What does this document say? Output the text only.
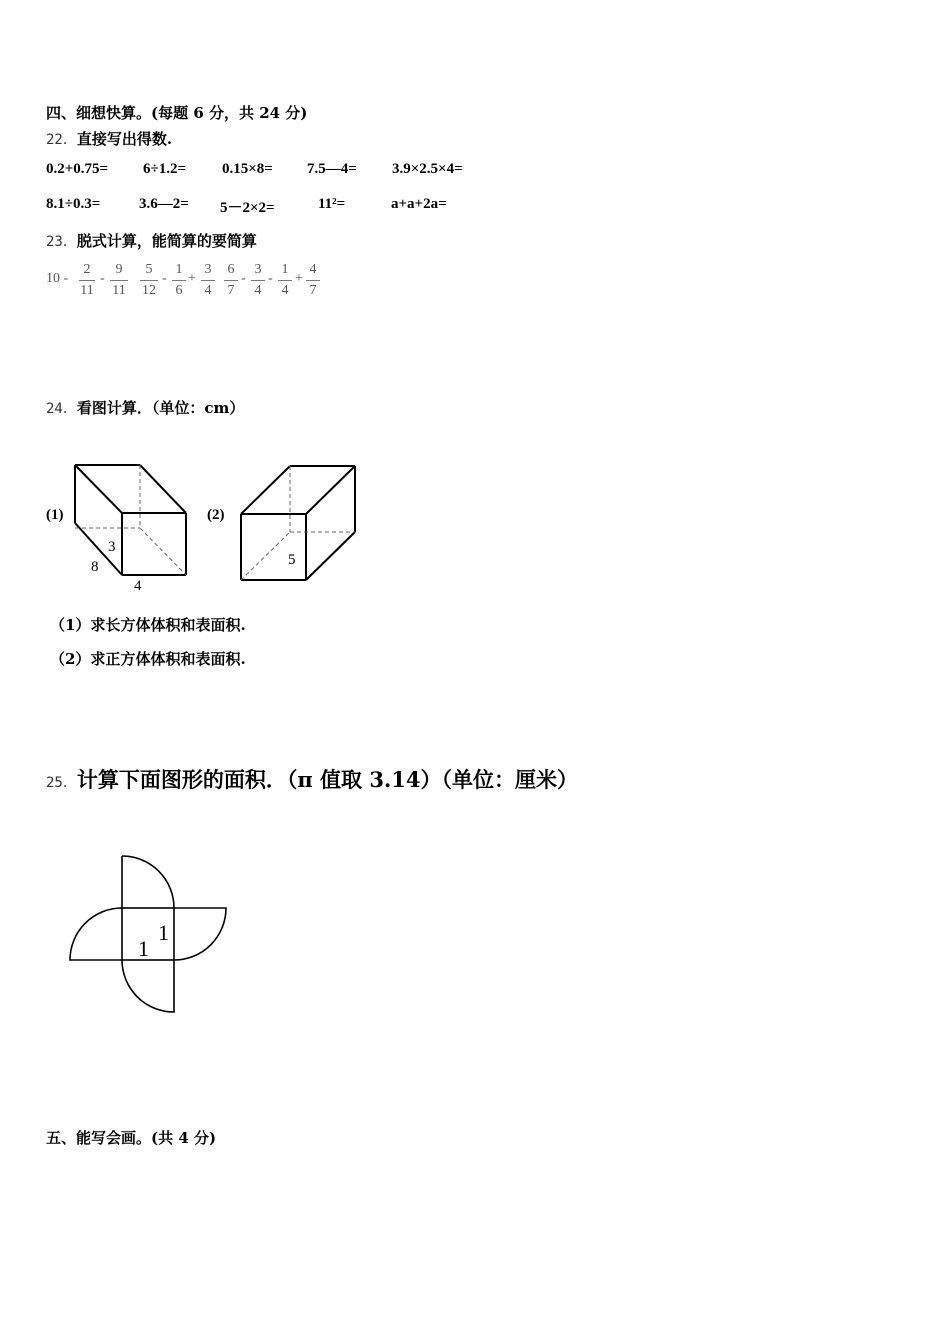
四、细想快算。(每题 6 分，共 24 分)
22．直接写出得数.
0.2+0.75= 6÷1.2= 0.15×8= 7.5—4= 3.9×2.5×4=
8.1÷0.3=	3.6—2= 5－2×2=	11²=	a+a+2a=
23．脱式计算，能简算的要简算
10 -
2
11
-
9
11
5
12
-
1
6
+
3
4
6
7
-
3
4
-
1
4
+
4
7
24．看图计算．（单位：cm）
(1)	(2)
3
8
4
5
（1）求长方体体积和表面积.
（2）求正方体体积和表面积.
25．计算下面图形的面积．（π 值取 3.14）（单位：厘米）
1
1
五、能写会画。(共 4 分)
